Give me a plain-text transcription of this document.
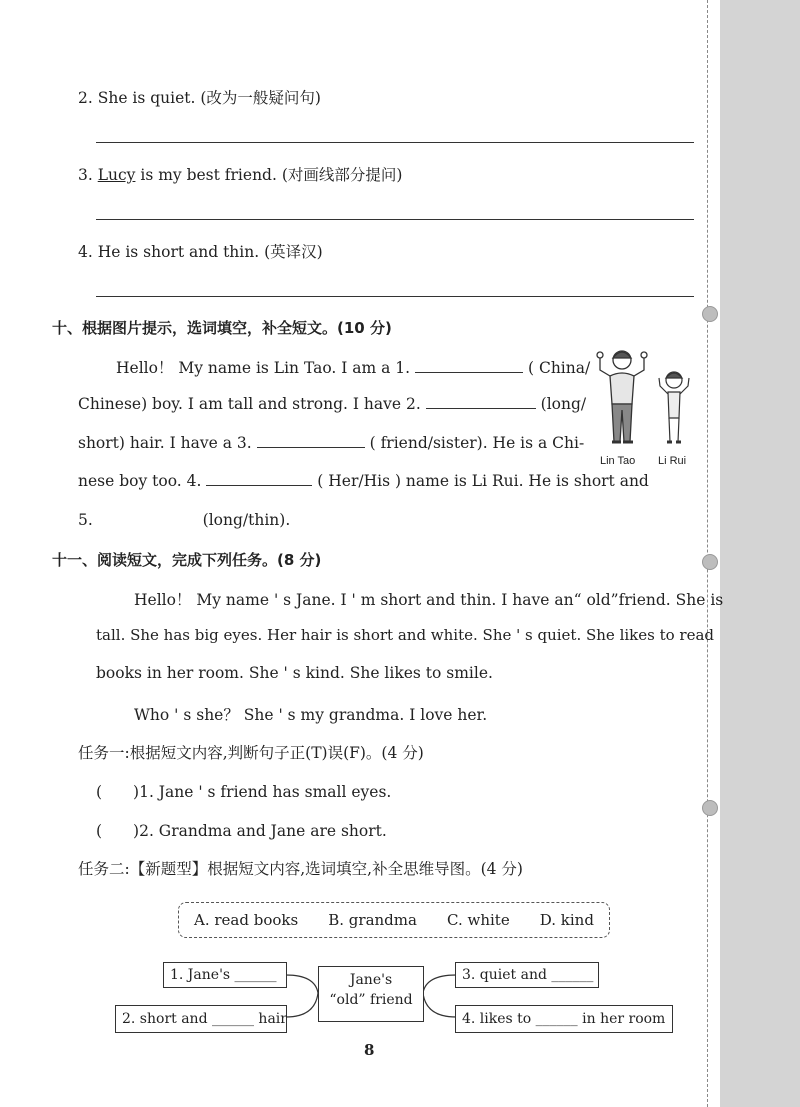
2. She is quiet. (改为一般疑问句)
3. Lucy is my best friend. (对画线部分提问)
4. He is short and thin. (英译汉)
十、根据图片提示，选词填空，补全短文。(10 分)
Hello！ My name is Lin Tao. I am a 1.	( China/
Chinese) boy. I am tall and strong. I have 2.	(long/
short) hair. I have a 3.	( friend/sister). He is a Chi-
nese boy too. 4.	( Her/His ) name is Li Rui. He is short and
5.	(long/thin).
Lin Tao Li Rui
十一、阅读短文，完成下列任务。(8 分)
Hello！ My name ' s Jane. I ' m short and thin. I have an“ old”friend. She is
tall. She has big eyes. Her hair is short and white. She ' s quiet. She likes to read
books in her room. She ' s kind. She likes to smile.
Who ' s she？ She ' s my grandma. I love her.
任务一:根据短文内容,判断句子正(T)误(F)。(4 分)
(　　)1. Jane ' s friend has small eyes.
(　　)2. Grandma and Jane are short.
任务二:【新题型】根据短文内容,选词填空,补全思维导图。(4 分)
A. read books B. grandma C. white D. kind
1. Jane's ______
2. short and ______ hair
Jane's
“old” friend
3. quiet and ______
4. likes to ______ in her room
8
